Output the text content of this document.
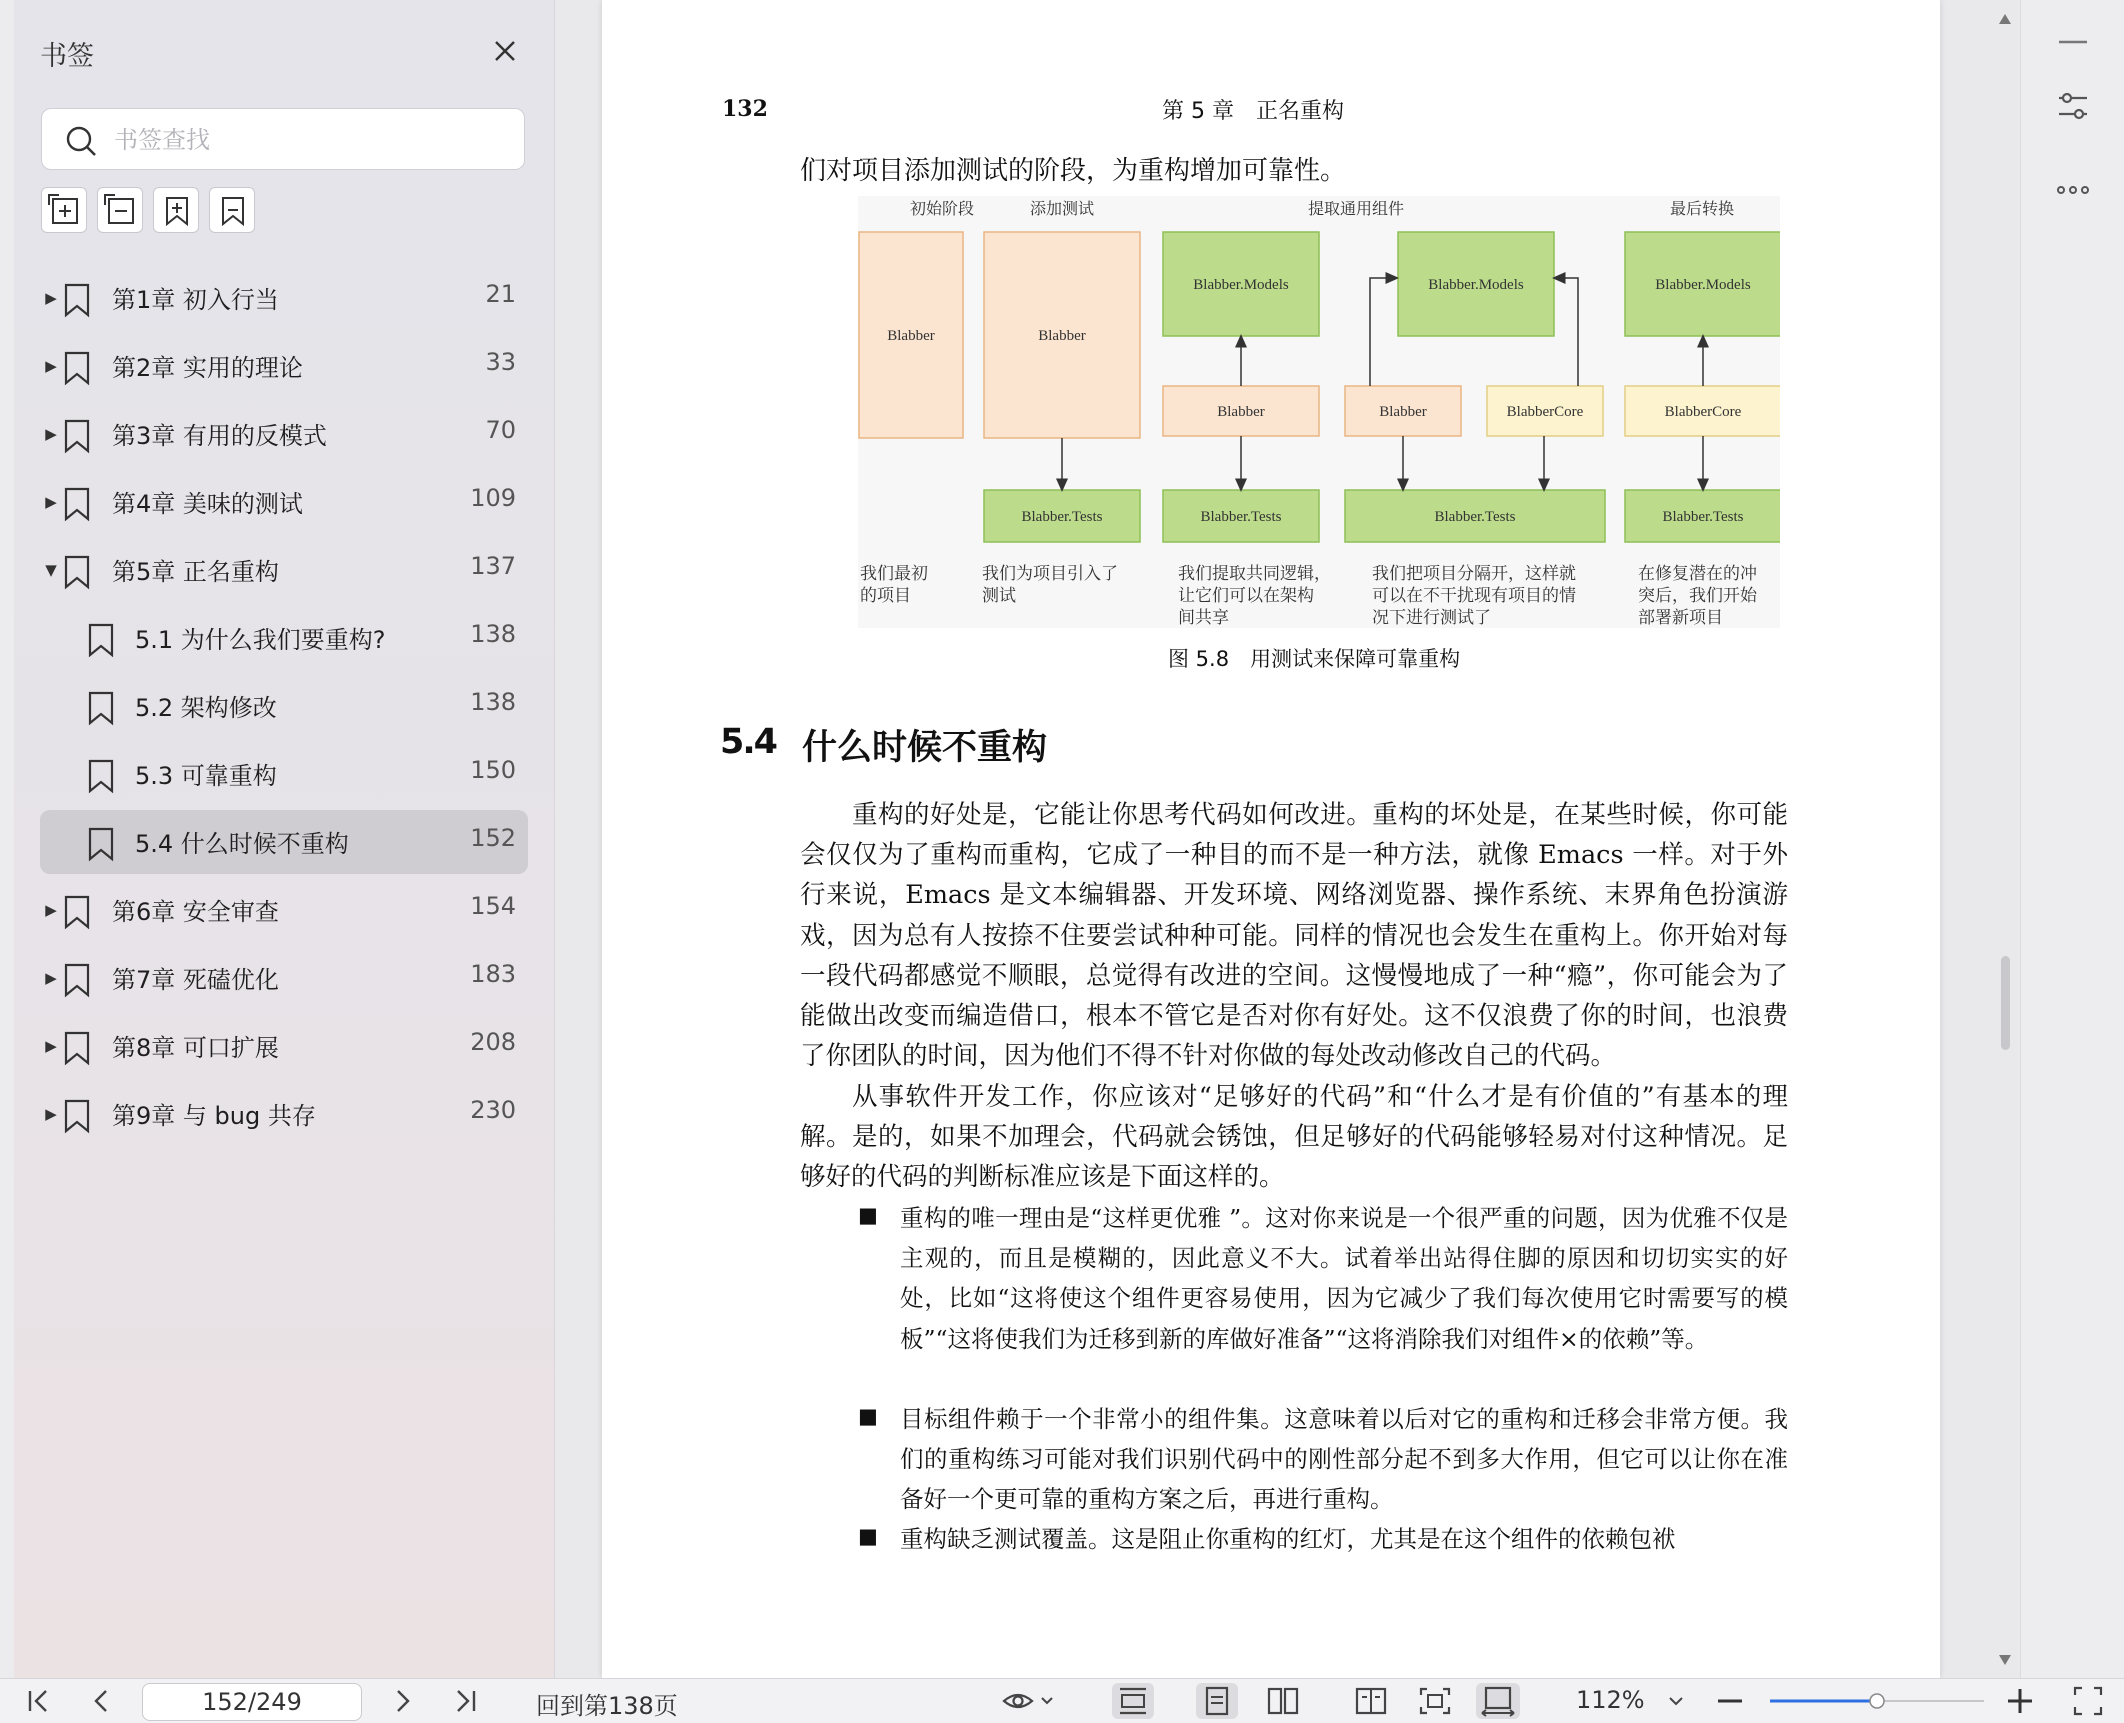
书签
书签查找
▶ 第1章 初入行当	21
▶ 第2章 实用的理论	33
▶ 第3章 有用的反模式	70
▶ 第4章 美味的测试	109
▼ 第5章 正名重构	137
5.1 为什么我们要重构?	138
5.2 架构修改	138
5.3 可靠重构	150
5.4 什么时候不重构	152
▶ 第6章 安全审查	154
▶ 第7章 死磕优化	183
▶ 第8章 可口扩展	208
▶ 第9章 与 bug 共存	230
132	第 5 章　正名重构
们对项目添加测试的阶段，为重构增加可靠性。
初始阶段	添加测试	提取通用组件	最后转换
Blabber	Blabber
Blabber.Tests
Blabber.Models
Blabber
Blabber.Tests
Blabber.Models
Blabber	BlabberCore
Blabber.Tests
Blabber.Models
BlabberCore
Blabber.Tests
我们最初
的项目
我们为项目引入了
测试
我们提取共同逻辑，
让它们可以在架构
间共享
我们把项目分隔开，这样就
可以在不干扰现有项目的情
况下进行测试了
在修复潜在的冲
突后，我们开始
部署新项目
图 5.8　用测试来保障可靠重构
5.4 什么时候不重构

重构的好处是，它能让你思考代码如何改进。重构的坏处是，在某些时候，你可能会仅仅为了重构而重构，它成了一种目的而不是一种方法，就像 Emacs 一样。对于外行来说，Emacs 是文本编辑器、开发环境、网络浏览器、操作系统、末界角色扮演游戏，因为总有人按捺不住要尝试种种可能。同样的情况也会发生在重构上。你开始对每一段代码都感觉不顺眼，总觉得有改进的空间。这慢慢地成了一种“瘾”，你可能会为了能做出改变而编造借口，根本不管它是否对你有好处。这不仅浪费了你的时间，也浪费了你团队的时间，因为他们不得不针对你做的每处改动修改自己的代码。

从事软件开发工作，你应该对“足够好的代码”和“什么才是有价值的”有基本的理解。是的，如果不加理会，代码就会锈蚀，但足够好的代码能够轻易对付这种情况。足够好的代码的判断标准应该是下面这样的。

■ 重构的唯一理由是“这样更优雅 ”。这对你来说是一个很严重的问题，因为优雅不仅是主观的，而且是模糊的，因此意义不大。试着举出站得住脚的原因和切切实实的好处，比如“这将使这个组件更容易使用，因为它减少了我们每次使用它时需要写的模板”“这将使我们为迁移到新的库做好准备”“这将消除我们对组件×的依赖”等。

■ 目标组件赖于一个非常小的组件集。这意味着以后对它的重构和迁移会非常方便。我们的重构练习可能对我们识别代码中的刚性部分起不到多大作用，但它可以让你在准备好一个更可靠的重构方案之后，再进行重构。

■ 重构缺乏测试覆盖。这是阻止你重构的红灯，尤其是在这个组件的依赖包袱

152/249	回到第138页	112%
